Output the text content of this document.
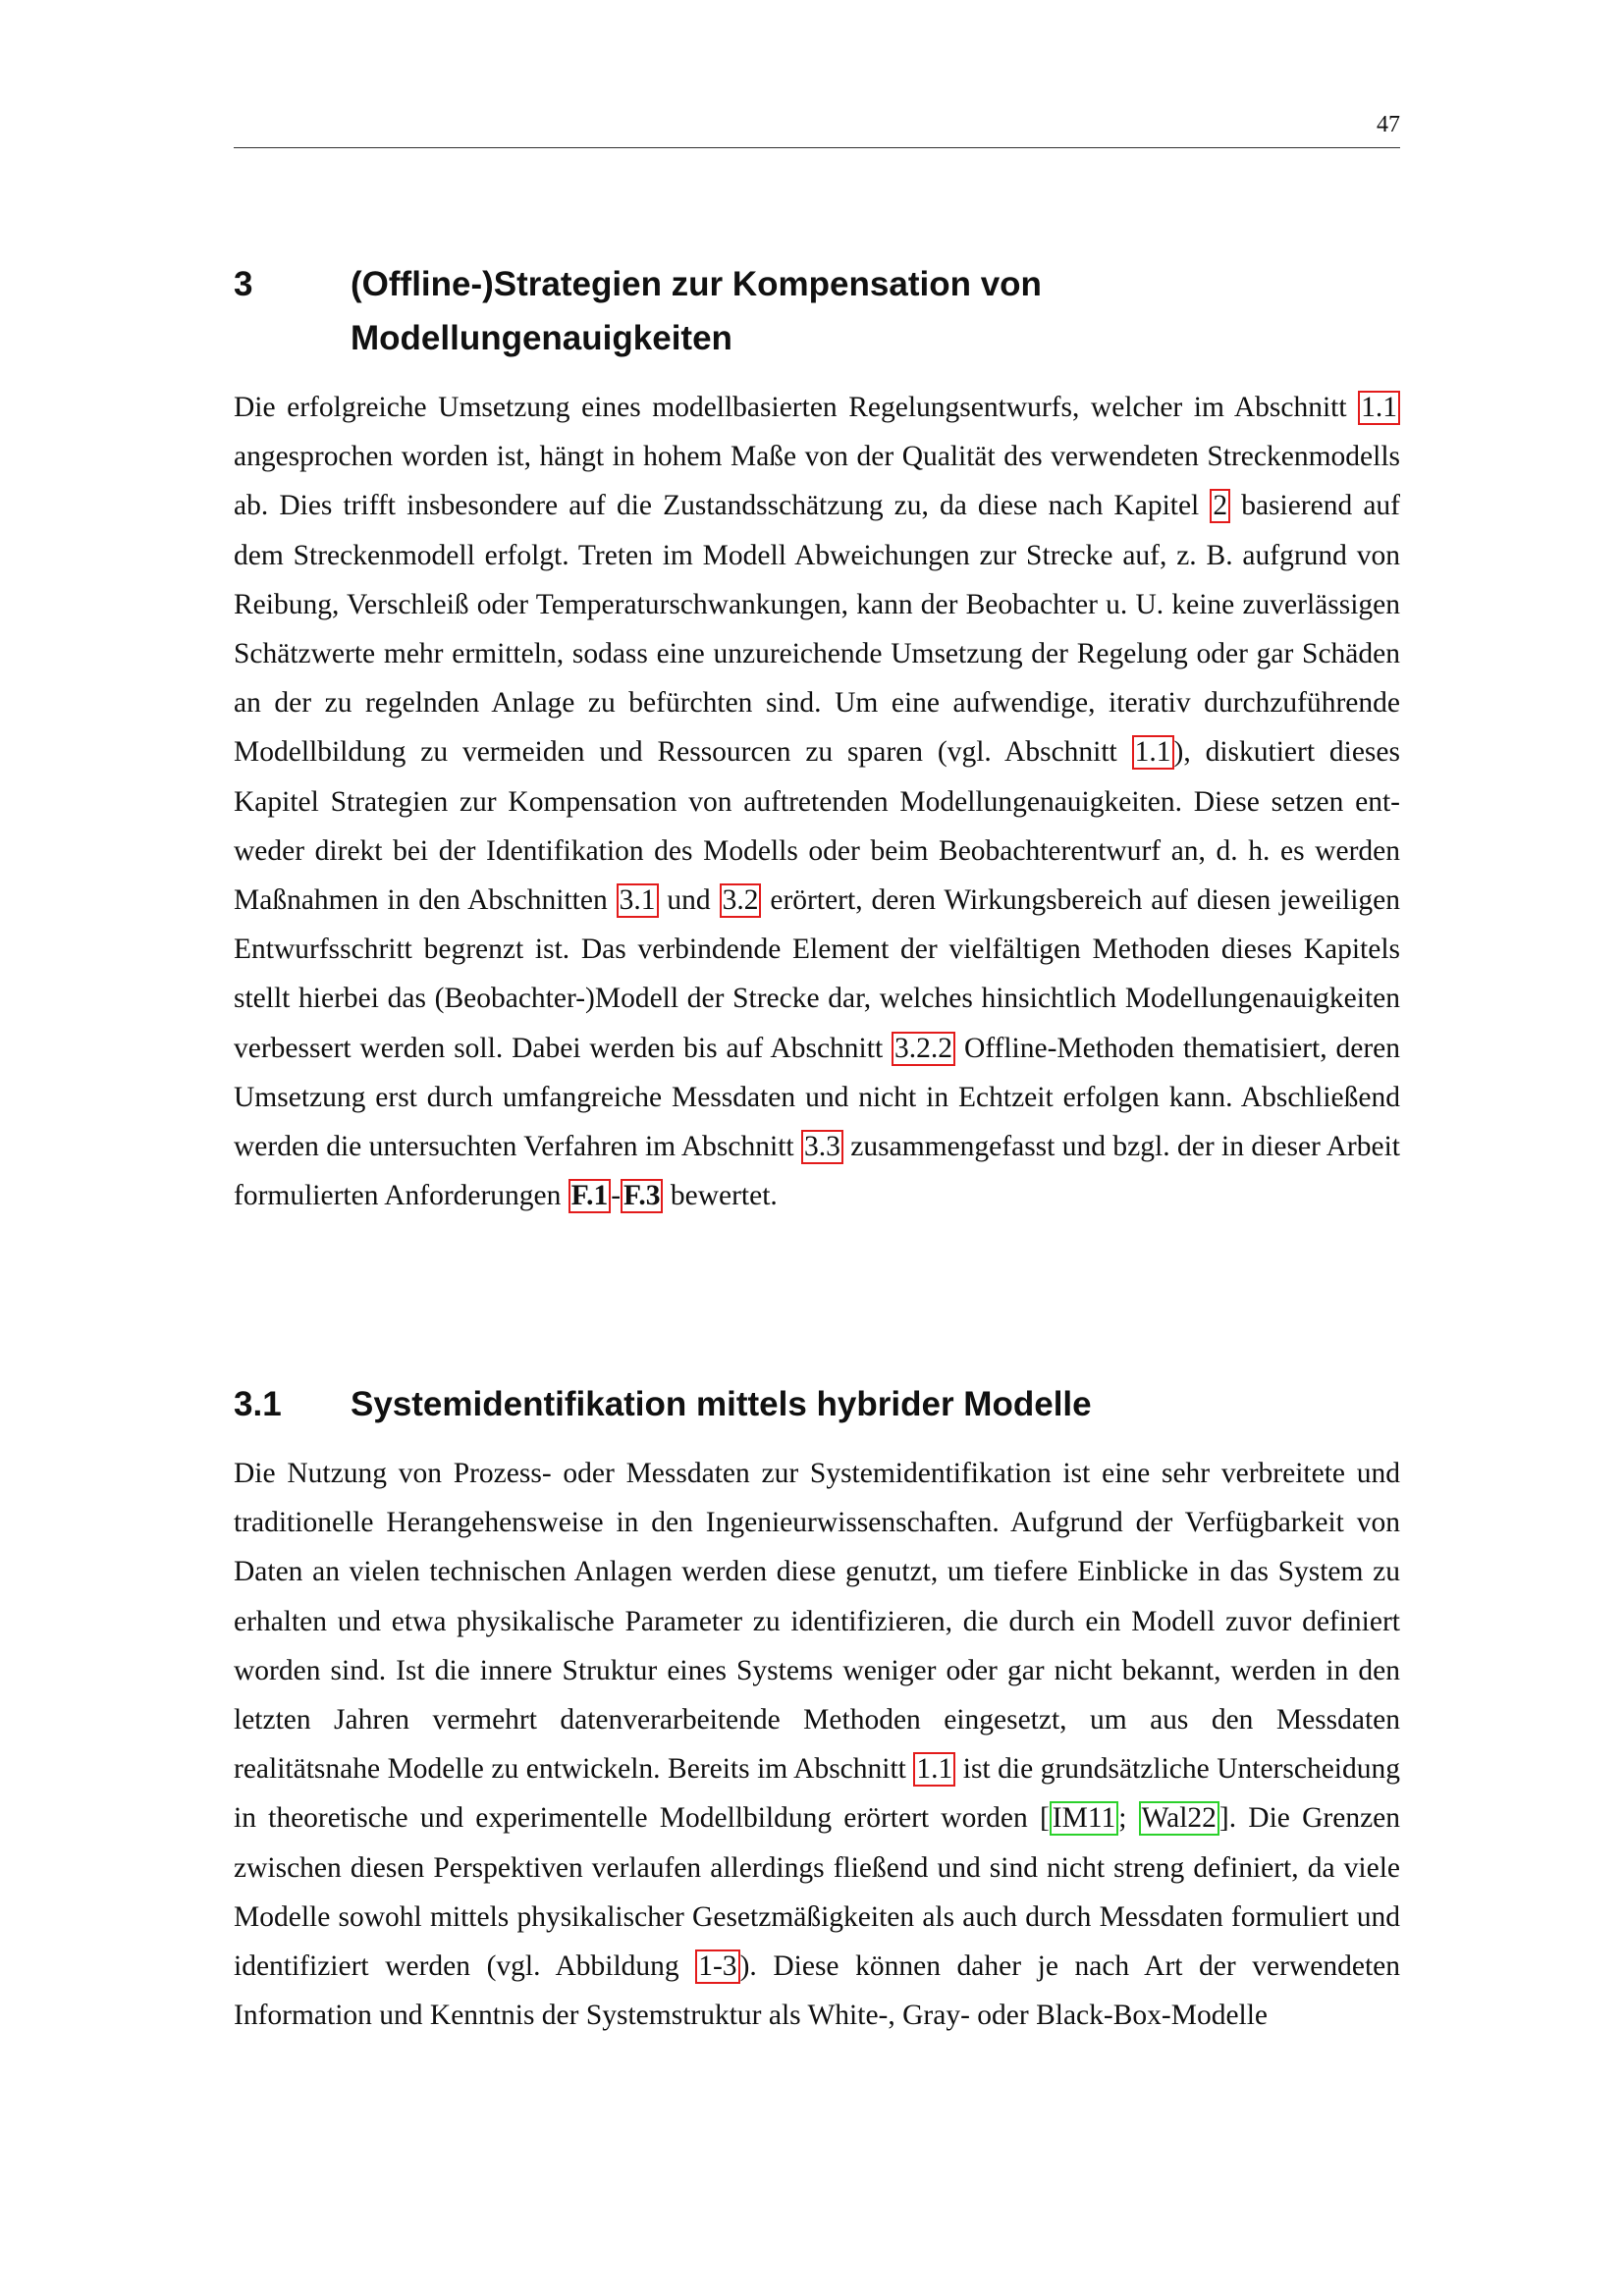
47
3	(Offline-)Strategien zur Kompensation von Modellungenauigkeiten

Die erfolgreiche Umsetzung eines modellbasierten Regelungsentwurfs, welcher im Abschnitt 1.1 angesprochen worden ist, hängt in hohem Maße von der Qualität des verwendeten Streckenmodells ab. Dies trifft insbesondere auf die Zustandsschätzung zu, da diese nach Kapitel 2 basierend auf dem Streckenmodell erfolgt. Treten im Modell Abweichungen zur Strecke auf, z. B. aufgrund von Reibung, Verschleiß oder Temperaturschwankungen, kann der Beobachter u. U. keine zuverlässigen Schätzwerte mehr ermitteln, sodass eine unzureichende Umsetzung der Regelung oder gar Schäden an der zu regelnden Anlage zu befürchten sind. Um eine aufwendige, iterativ durchzuführende Modellbildung zu vermeiden und Ressourcen zu sparen (vgl. Abschnitt 1.1 ), diskutiert dieses Kapitel Strategien zur Kompensation von auftretenden Modellungenauigkeiten. Diese setzen entweder direkt bei der Identifikation des Modells oder beim Beobachterentwurf an, d. h. es werden Maßnahmen in den Abschnitten 3.1 und 3.2 erörtert, deren Wirkungsbereich auf diesen jeweiligen Entwurfsschritt begrenzt ist. Das verbindende Element der vielfältigen Methoden dieses Kapitels stellt hierbei das (Beobachter-)Modell der Strecke dar, welches hinsichtlich Modellungenauigkeiten verbessert werden soll. Dabei werden bis auf Abschnitt 3.2.2 Offline-Methoden thematisiert, deren Umsetzung erst durch umfangreiche Messdaten und nicht in Echtzeit erfolgen kann. Abschließend werden die untersuchten Verfahren im Abschnitt 3.3 zusammengefasst und bzgl. der in dieser Arbeit formulierten Anforderungen F.1 - F.3 bewertet.

3.1 Systemidentifikation mittels hybrider Modelle

Die Nutzung von Prozess- oder Messdaten zur Systemidentifikation ist eine sehr verbreitete und traditionelle Herangehensweise in den Ingenieurwissenschaften. Aufgrund der Verfügbarkeit von Daten an vielen technischen Anlagen werden diese genutzt, um tiefere Einblicke in das System zu erhalten und etwa physikalische Parameter zu identifizieren, die durch ein Modell zuvor definiert worden sind. Ist die innere Struktur eines Systems weniger oder gar nicht bekannt, werden in den letzten Jahren vermehrt datenverarbeitende Methoden eingesetzt, um aus den Messdaten realitätsnahe Modelle zu entwickeln. Bereits im Abschnitt 1.1 ist die grundsätzliche Unterscheidung in theoretische und experimentelle Modellbildung erörtert worden [ IM11 ; Wal22 ]. Die Grenzen zwischen diesen Perspektiven verlaufen allerdings fließend und sind nicht streng definiert, da viele Modelle sowohl mittels physikalischer Gesetzmäßigkeiten als auch durch Messdaten formuliert und identifiziert werden (vgl. Abbildung 1-3 ). Diese können daher je nach Art der verwendeten Information und Kenntnis der Systemstruktur als White-, Gray- oder Black-Box-Modelle
